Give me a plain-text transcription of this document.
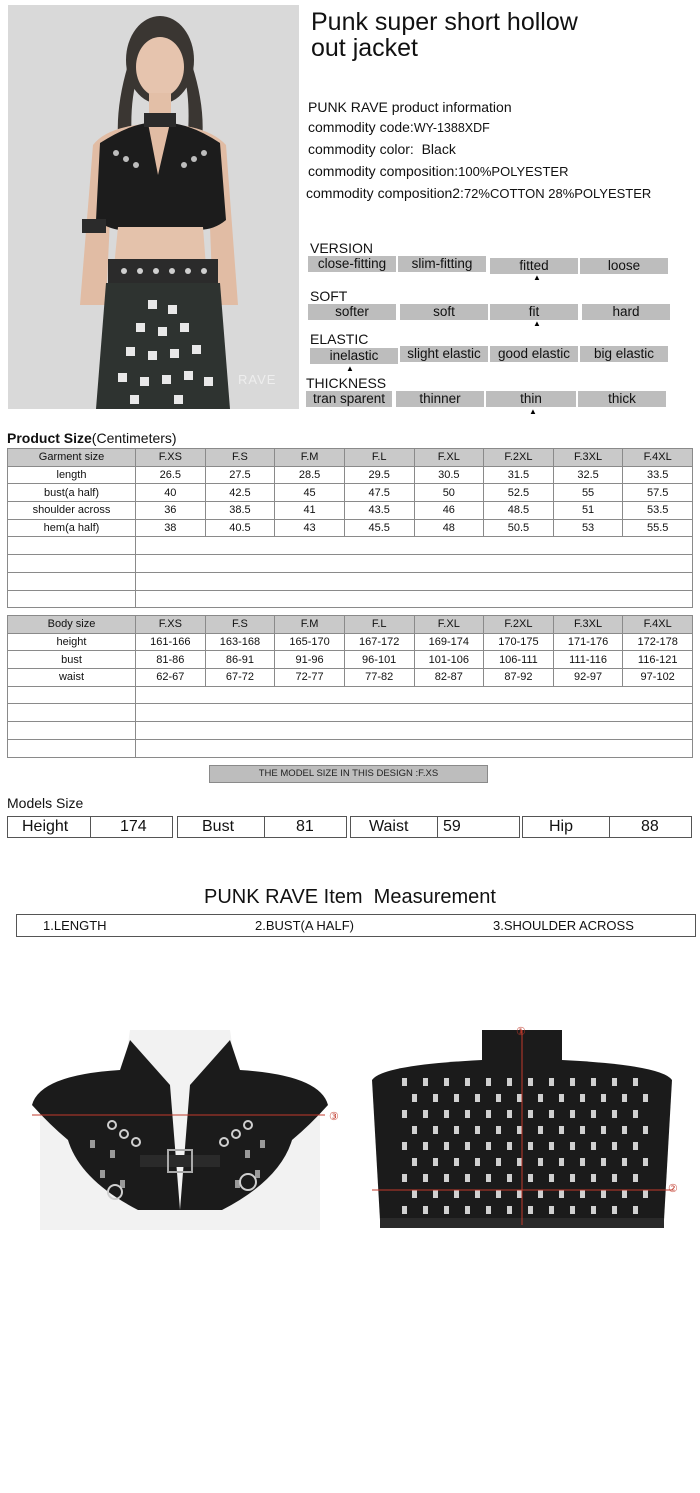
RAVE
Punk super short hollow
out jacket
PUNK RAVE product information
commodity code:WY-1388XDF
commodity color: Black
commodity composition:100%POLYESTER
commodity composition2:72%COTTON 28%POLYESTER
VERSION
close-fitting	slim-fitting	fitted	loose
▲
SOFT
softer	soft	fit	hard
▲
ELASTIC
inelastic	slight elastic	good elastic	big elastic
▲
THICKNESS
tran sparent	thinner	thin	thick
▲
Product Size(Centimeters)
Garment size	F.XS	F.S	F.M	F.L	F.XL	F.2XL	F.3XL	F.4XL
length	26.5	27.5	28.5	29.5	30.5	31.5	32.5	33.5
bust(a half)	40	42.5	45	47.5	50	52.5	55	57.5
shoulder across	36	38.5	41	43.5	46	48.5	51	53.5
hem(a half)	38	40.5	43	45.5	48	50.5	53	55.5

Body size	F.XS	F.S	F.M	F.L	F.XL	F.2XL	F.3XL	F.4XL
height	161-166	163-168	165-170	167-172	169-174	170-175	171-176	172-178
bust	81-86	86-91	91-96	96-101	101-106	106-111	111-116	116-121
waist	62-67	67-72	72-77	77-82	82-87	87-92	92-97	97-102

THE MODEL SIZE IN THIS DESIGN :F.XS
Models Size
Height	174	Bust	81	Waist 59	Hip	88
PUNK RAVE Item  Measurement
1.LENGTH	2.BUST(A HALF)	3.SHOULDER ACROSS
③
①
②
